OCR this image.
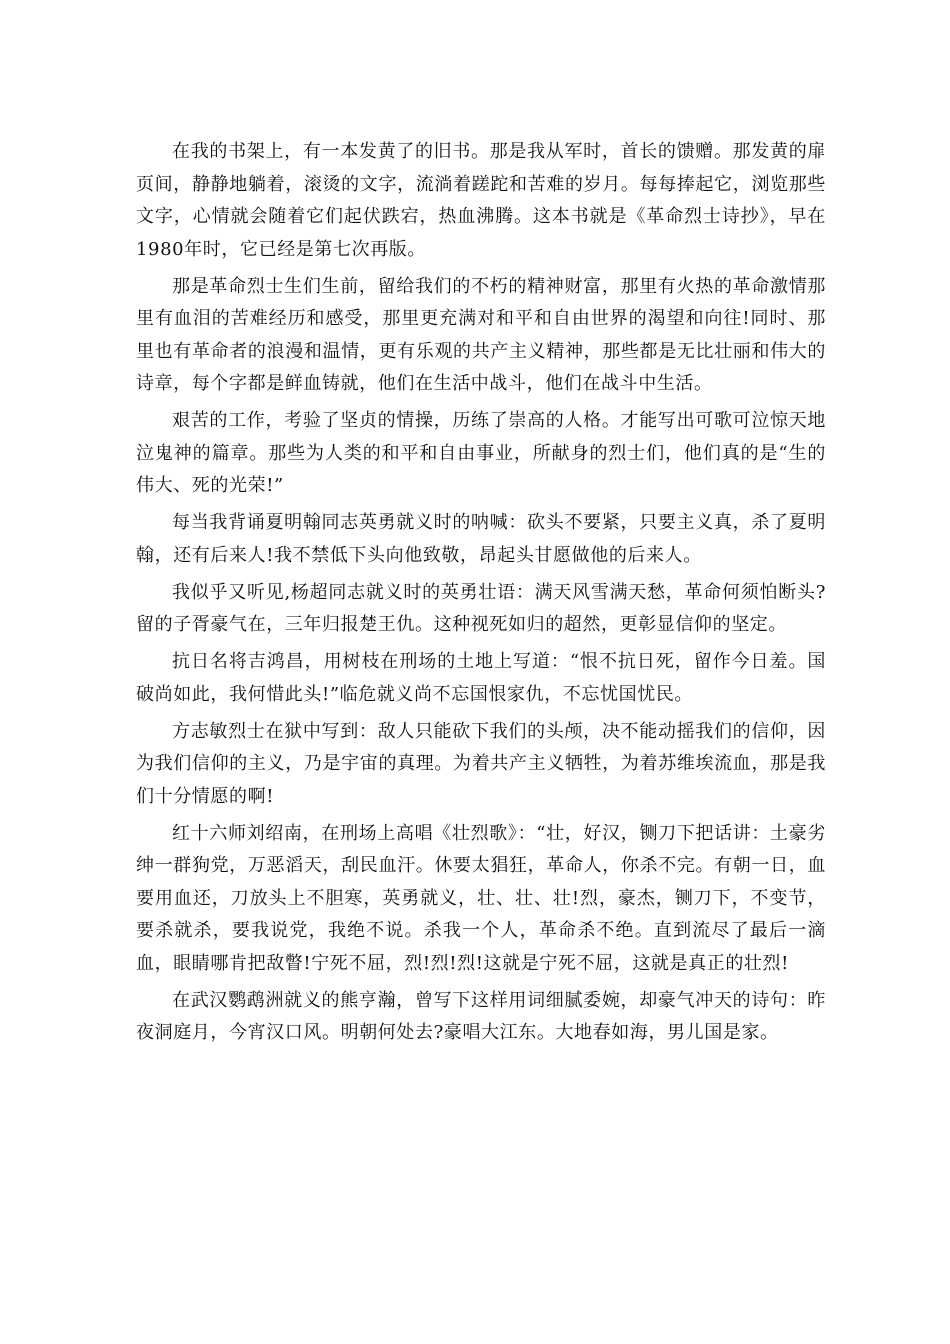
在我的书架上，有一本发黄了的旧书。那是我从军时，首长的馈赠。那发黄的扉页间，静静地躺着，滚烫的文字，流淌着蹉跎和苦难的岁月。每每捧起它，浏览那些文字，心情就会随着它们起伏跌宕，热血沸腾。这本书就是《革命烈士诗抄》，早在1980年时，它已经是第七次再版。

那是革命烈士生们生前，留给我们的不朽的精神财富，那里有火热的革命激情那里有血泪的苦难经历和感受，那里更充满对和平和自由世界的渴望和向往!同时、那里也有革命者的浪漫和温情，更有乐观的共产主义精神，那些都是无比壮丽和伟大的诗章，每个字都是鲜血铸就，他们在生活中战斗，他们在战斗中生活。

艰苦的工作，考验了坚贞的情操，历练了崇高的人格。才能写出可歌可泣惊天地泣鬼神的篇章。那些为人类的和平和自由事业，所献身的烈士们，他们真的是“生的伟大、死的光荣!”

每当我背诵夏明翰同志英勇就义时的呐喊：砍头不要紧，只要主义真，杀了夏明翰，还有后来人!我不禁低下头向他致敬，昂起头甘愿做他的后来人。

我似乎又听见,杨超同志就义时的英勇壮语：满天风雪满天愁，革命何须怕断头?留的子胥豪气在，三年归报楚王仇。这种视死如归的超然，更彰显信仰的坚定。

抗日名将吉鸿昌，用树枝在刑场的土地上写道：“恨不抗日死，留作今日羞。国破尚如此，我何惜此头!”临危就义尚不忘国恨家仇，不忘忧国忧民。

方志敏烈士在狱中写到：敌人只能砍下我们的头颅，决不能动摇我们的信仰，因为我们信仰的主义，乃是宇宙的真理。为着共产主义牺牲，为着苏维埃流血，那是我们十分情愿的啊!

红十六师刘绍南，在刑场上高唱《壮烈歌》：“壮，好汉，铡刀下把话讲：土豪劣绅一群狗党，万恶滔天，刮民血汗。休要太猖狂，革命人，你杀不完。有朝一日，血要用血还，刀放头上不胆寒，英勇就义，壮、壮、壮!烈，豪杰，铡刀下，不变节，要杀就杀，要我说党，我绝不说。杀我一个人，革命杀不绝。直到流尽了最后一滴血，眼睛哪肯把敌瞥!宁死不屈，烈!烈!烈!这就是宁死不屈，这就是真正的壮烈!

在武汉鹦鹉洲就义的熊亨瀚，曾写下这样用词细腻委婉，却豪气冲天的诗句：昨夜洞庭月，今宵汉口风。明朝何处去?豪唱大江东。大地春如海，男儿国是家。
